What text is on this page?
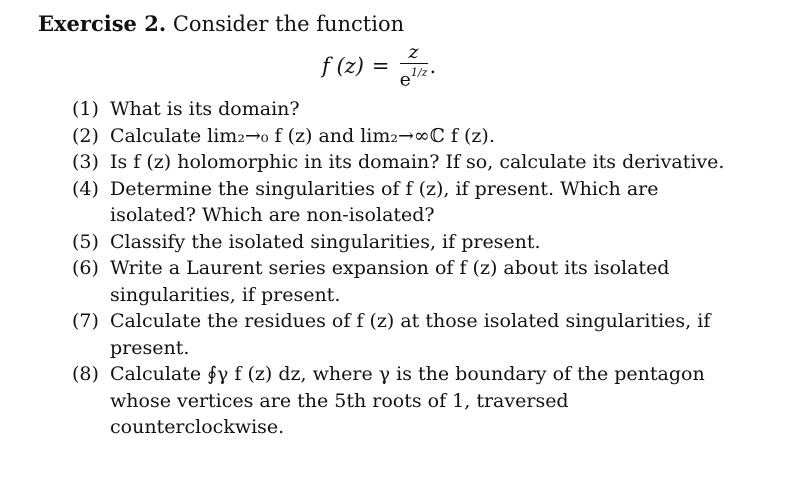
Exercise 2. Consider the function
f $(z) = \frac{z}{e^{1/z}}$ .
(1) What is its domain?
(2) Calculate lim₂→₀ f (z) and lim₂→∞ℂ f (z).
(3) Is f (z) holomorphic in its domain? If so, calculate its derivative.
(4) Determine the singularities of f (z), if present. Which are isolated? Which are non-isolated?
(5) Classify the isolated singularities, if present.
(6) Write a Laurent series expansion of f (z) about its isolated singularities, if present.
(7) Calculate the residues of f (z) at those isolated singularities, if present.
(8) Calculate ∮γ f (z) dz, where γ is the boundary of the pentagon whose vertices are the 5th roots of 1, traversed counterclockwise.
